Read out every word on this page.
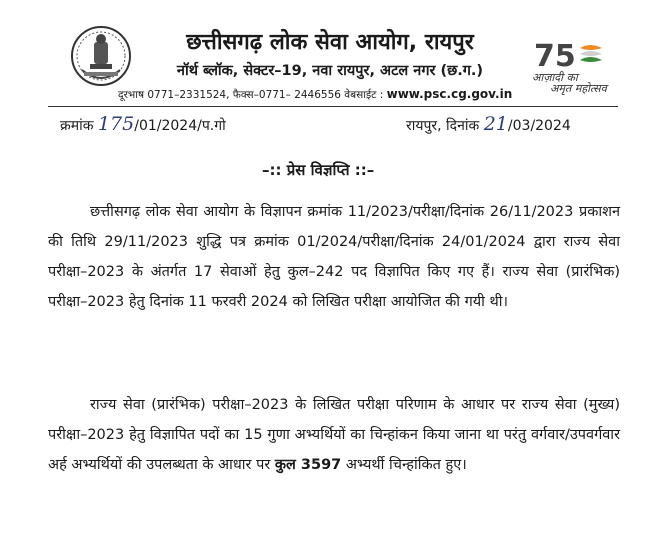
छत्तीसगढ़ लोक सेवा आयोग, रायपुर
नॉर्थ ब्लॉक, सेक्टर–19, नवा रायपुर, अटल नगर (छ.ग.)
दूरभाष 0771–2331524, फैक्स–0771– 2446556 वेबसाईट : www.psc.cg.gov.in
75
आज़ादी का
अमृत महोत्सव
क्रमांक 175/01/2024/प.गो	रायपुर, दिनांक 21/03/2024
–:: प्रेस विज्ञप्ति ::–

छत्तीसगढ़ लोक सेवा आयोग के विज्ञापन क्रमांक 11/2023/परीक्षा/दिनांक 26/11/2023 प्रकाशन की तिथि 29/11/2023 शुद्धि पत्र क्रमांक 01/2024/परीक्षा/दिनांक 24/01/2024 द्वारा राज्य सेवा परीक्षा–2023 के अंतर्गत 17 सेवाओं हेतु कुल–242 पद विज्ञापित किए गए हैं। राज्य सेवा (प्रारंभिक) परीक्षा–2023 हेतु दिनांक 11 फरवरी 2024 को लिखित परीक्षा आयोजित की गयी थी।

राज्य सेवा (प्रारंभिक) परीक्षा–2023 के लिखित परीक्षा परिणाम के आधार पर राज्य सेवा (मुख्य) परीक्षा–2023 हेतु विज्ञापित पदों का 15 गुणा अभ्यर्थियों का चिन्हांकन किया जाना था परंतु वर्गवार/उपवर्गवार अर्ह अभ्यर्थियों की उपलब्धता के आधार पर कुल 3597 अभ्यर्थी चिन्हांकित हुए।
